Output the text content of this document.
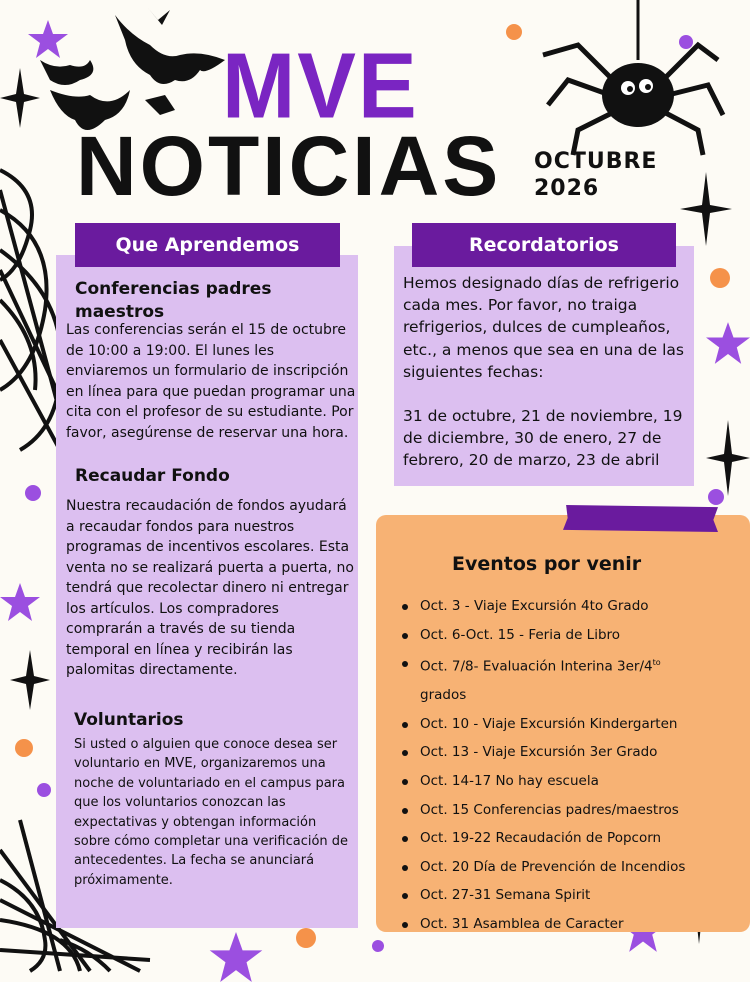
MVE
NOTICIAS OCTUBRE
2026
Que Aprendemos
Conferencias padres maestros
Las conferencias serán el 15 de octubre de 10:00 a 19:00. El lunes les enviaremos un formulario de inscripción en línea para que puedan programar una cita con el profesor de su estudiante. Por favor, asegúrense de reservar una hora.
Recaudar Fondo
Nuestra recaudación de fondos ayudará a recaudar fondos para nuestros programas de incentivos escolares. Esta venta no se realizará puerta a puerta, no tendrá que recolectar dinero ni entregar los artículos. Los compradores comprarán a través de su tienda temporal en línea y recibirán las palomitas directamente.
Voluntarios
Si usted o alguien que conoce desea ser voluntario en MVE, organizaremos una noche de voluntariado en el campus para que los voluntarios conozcan las expectativas y obtengan información sobre cómo completar una verificación de antecedentes. La fecha se anunciará próximamente.
Recordatorios
Hemos designado días de refrigerio cada mes. Por favor, no traiga refrigerios, dulces de cumpleaños, etc., a menos que sea en una de las siguientes fechas:
31 de octubre, 21 de noviembre, 19 de diciembre, 30 de enero, 27 de febrero, 20 de marzo, 23 de abril
Eventos por venir
Oct. 3 - Viaje Excursión 4to Grado
Oct. 6-Oct. 15 - Feria de Libro
Oct. 7/8- Evaluación Interina $3er/4^{to}$
grados
Oct. 10 - Viaje Excursión Kindergarten
Oct. 13 - Viaje Excursión 3er Grado
Oct. 14-17 No hay escuela
Oct. 15 Conferencias padres/maestros
Oct. 19-22 Recaudación de Popcorn
Oct. 20 Día de Prevención de Incendios
Oct. 27-31 Semana Spirit
Oct. 31 Asamblea de Caracter
